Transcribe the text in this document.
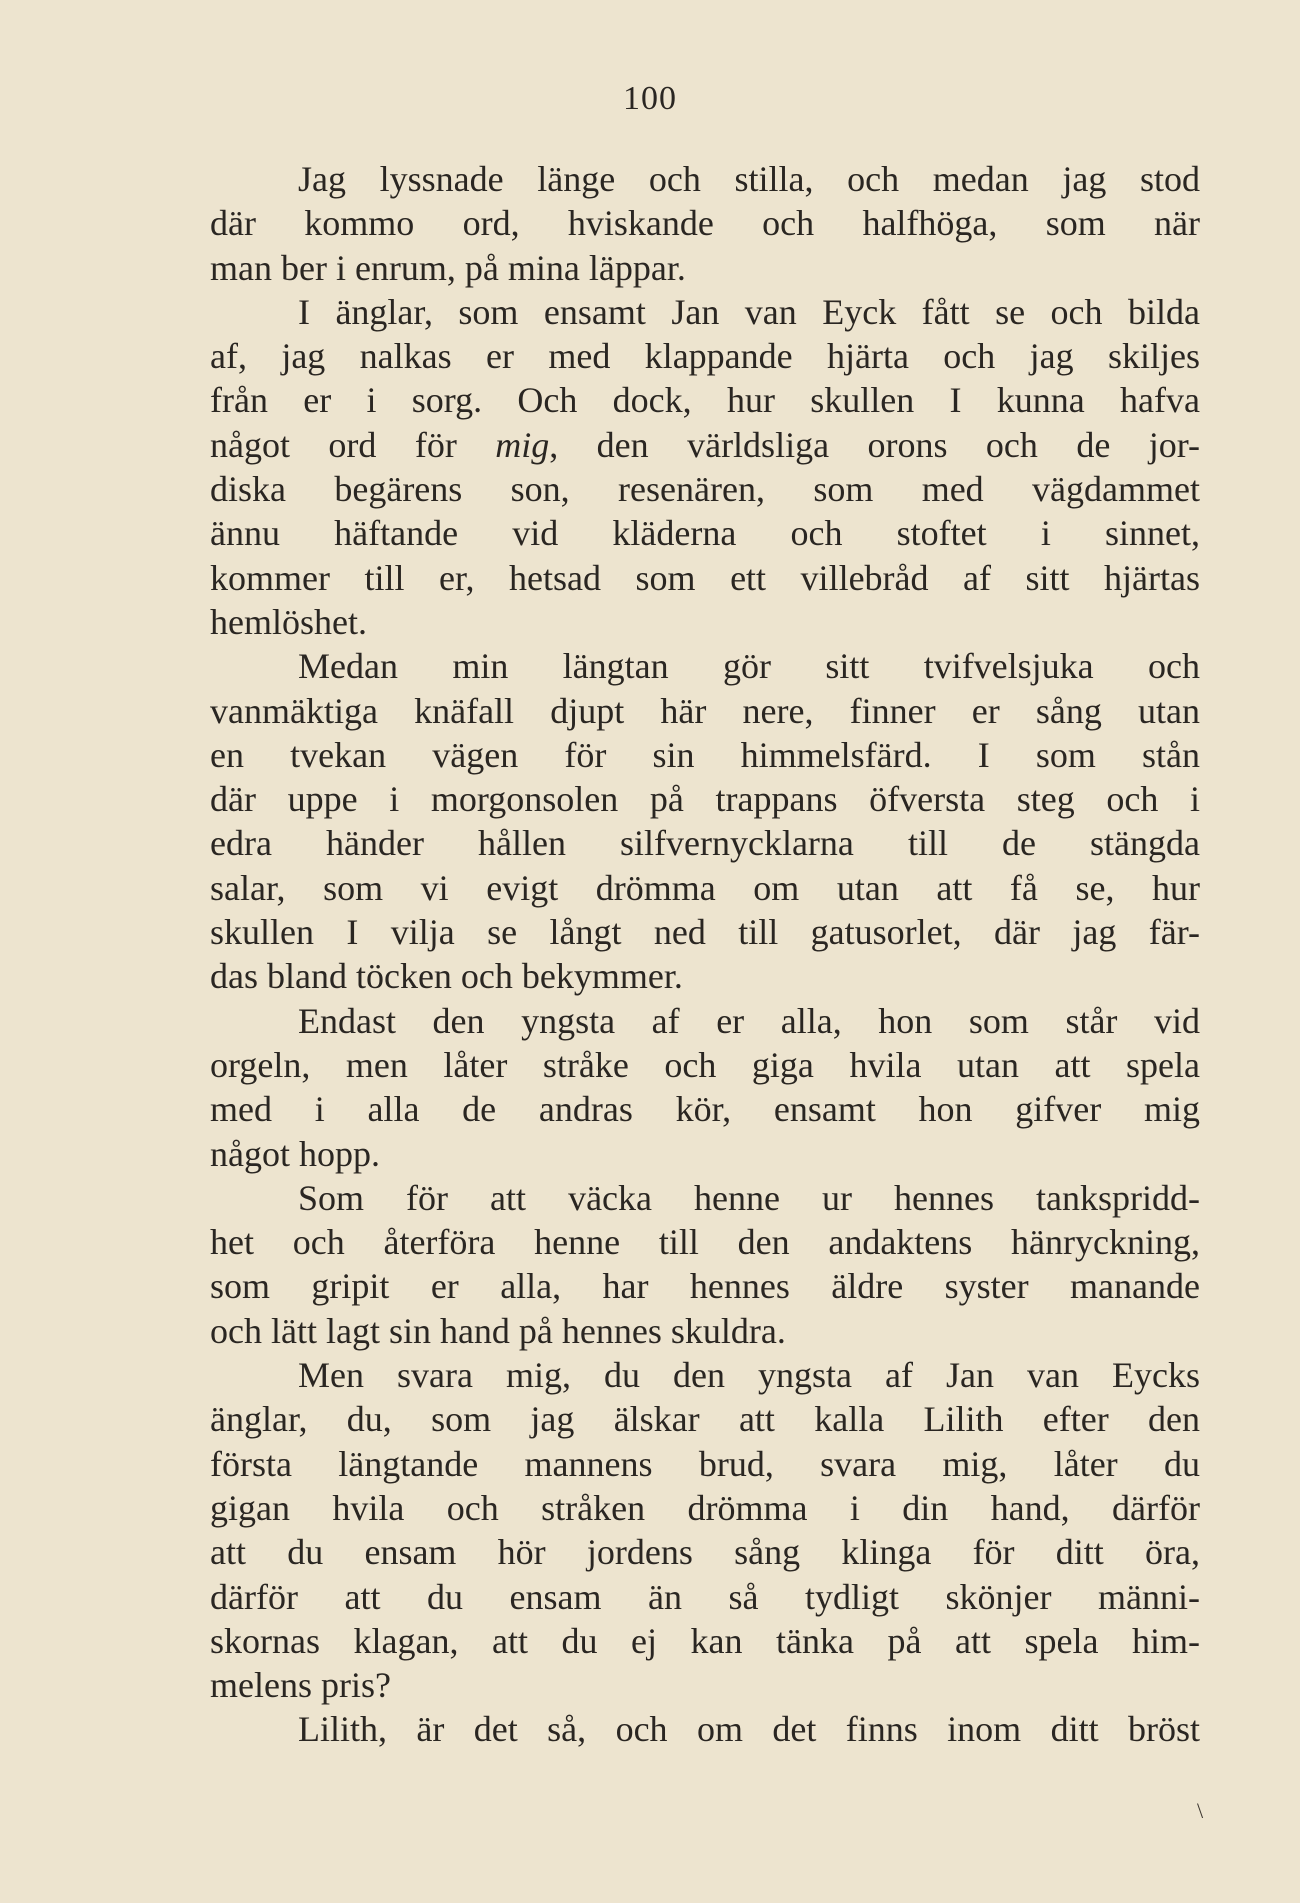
100
Jag lyssnade länge och stilla, och medan jag stod
där kommo ord, hviskande och halfhöga, som när
man ber i enrum, på mina läppar.
I änglar, som ensamt Jan van Eyck fått se och bilda
af, jag nalkas er med klappande hjärta och jag skiljes
från er i sorg. Och dock, hur skullen I kunna hafva
något ord för mig, den världsliga orons och de jor-
diska begärens son, resenären, som med vägdammet
ännu häftande vid kläderna och stoftet i sinnet,
kommer till er, hetsad som ett villebråd af sitt hjärtas
hemlöshet.
Medan min längtan gör sitt tvifvelsjuka och
vanmäktiga knäfall djupt här nere, finner er sång utan
en tvekan vägen för sin himmelsfärd. I som stån
där uppe i morgonsolen på trappans öfversta steg och i
edra händer hållen silfvernycklarna till de stängda
salar, som vi evigt drömma om utan att få se, hur
skullen I vilja se långt ned till gatusorlet, där jag fär-
das bland töcken och bekymmer.
Endast den yngsta af er alla, hon som står vid
orgeln, men låter stråke och giga hvila utan att spela
med i alla de andras kör, ensamt hon gifver mig
något hopp.
Som för att väcka henne ur hennes tankspridd-
het och återföra henne till den andaktens hänryckning,
som gripit er alla, har hennes äldre syster manande
och lätt lagt sin hand på hennes skuldra.
Men svara mig, du den yngsta af Jan van Eycks
änglar, du, som jag älskar att kalla Lilith efter den
första längtande mannens brud, svara mig, låter du
gigan hvila och stråken drömma i din hand, därför
att du ensam hör jordens sång klinga för ditt öra,
därför att du ensam än så tydligt skönjer männi-
skornas klagan, att du ej kan tänka på att spela him-
melens pris?
Lilith, är det så, och om det finns inom ditt bröst
\
